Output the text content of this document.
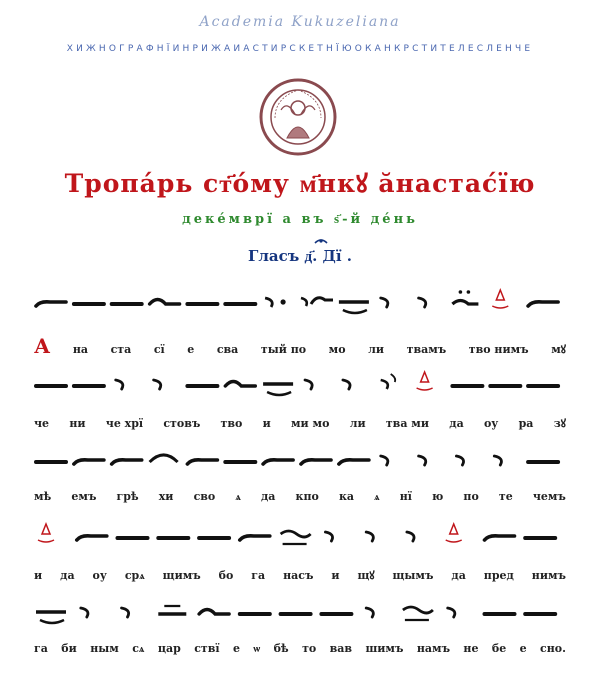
Academia Kukuzeliana
ХИЖНОГРАФНЇИНРИЖАИАСТИРСКЕТНЇЮОКАНКРСТИТЕЛЕСЛЕНЧЕ
Тропа́рь ст҃о́му м҃нкꙋ ӑнастас́їю
декéмврї а въ ѕ҃-й дéнь
Гласъ д҃. Дї .
А на ста сї е сва тый по мо ли твамъ тво нимъ мꙋ
че ни че хрї стовъ тво и ми мо ли тва ми да оу ра зꙋ
мѣ емъ грѣ хи сво ѧ да кпо ка ѧ нї ю по те чемъ
и да оу срѧ щимъ бо га насъ и щꙋ щымъ да пред нимъ
га би ным сѧ цар ствї е ѡ бѣ то вав шимъ намъ не бе е сно.
